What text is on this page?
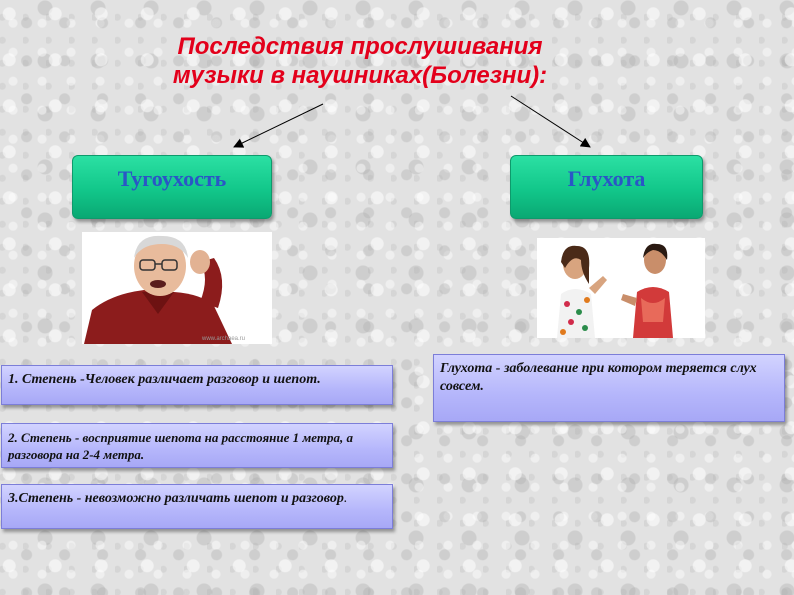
Последствия прослушивания
музыки в наушниках(Болезни):
Тугоухость	Глухота
www.archaea.ru
1. Степень -Человек различает разговор и шепот.
2. Степень - восприятие шепота на расстояние 1 метра, а разговора на 2-4 метра.
3.Степень - невозможно различать шепот и разговор.
Глухота - заболевание при котором теряется слух совсем.
